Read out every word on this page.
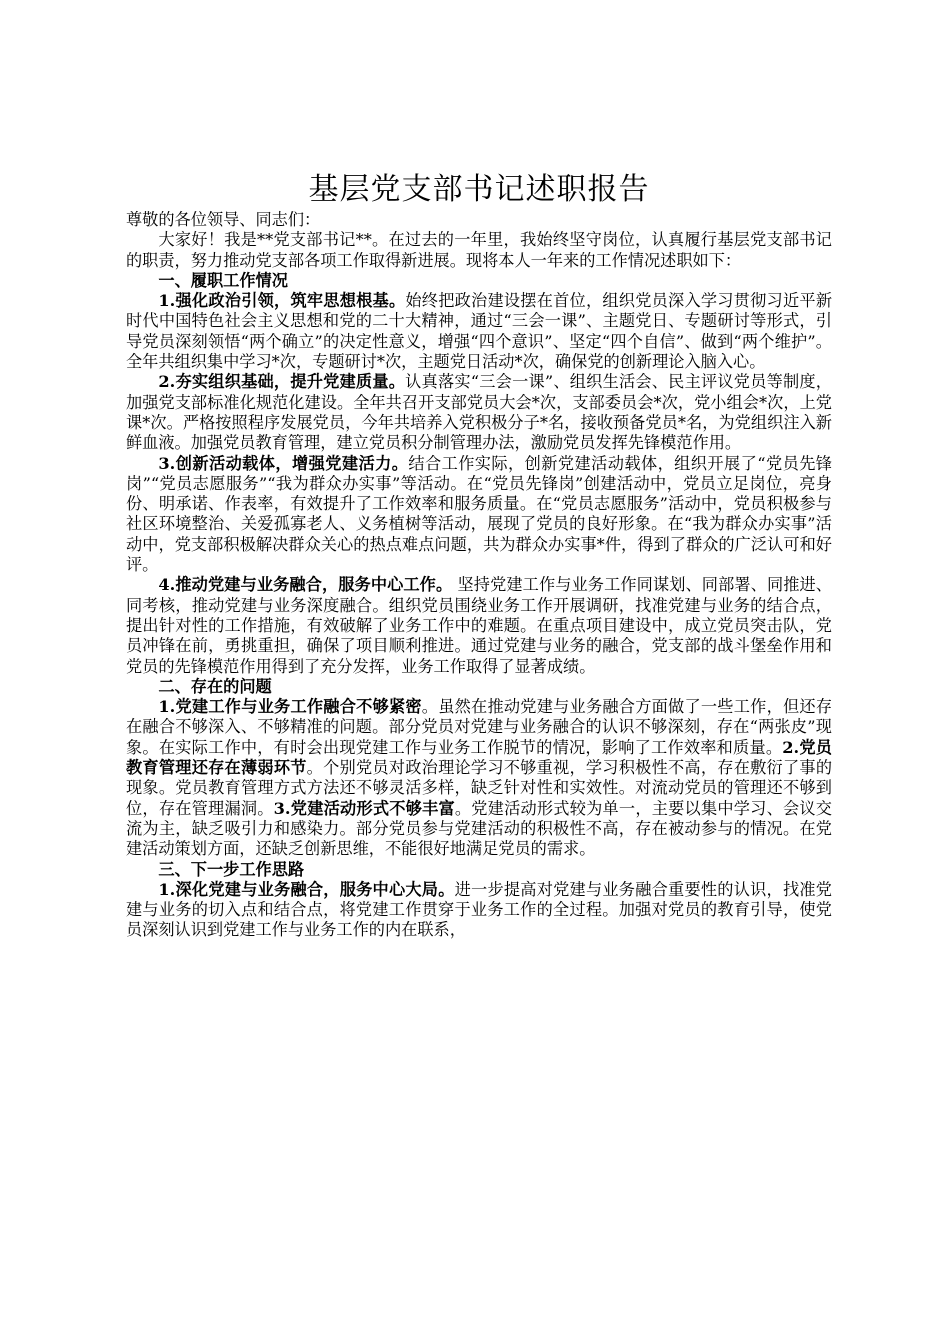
基层党支部书记述职报告

尊敬的各位领导、同志们：

大家好！我是**党支部书记**。在过去的一年里，我始终坚守岗位，认真履行基层党支部书记的职责，努力推动党支部各项工作取得新进展。现将本人一年来的工作情况述职如下：

一、履职工作情况

1.强化政治引领，筑牢思想根基。始终把政治建设摆在首位，组织党员深入学习贯彻习近平新时代中国特色社会主义思想和党的二十大精神，通过“三会一课”、主题党日、专题研讨等形式，引导党员深刻领悟“两个确立”的决定性意义，增强“四个意识”、坚定“四个自信”、做到“两个维护”。全年共组织集中学习*次，专题研讨*次，主题党日活动*次，确保党的创新理论入脑入心。

2.夯实组织基础，提升党建质量。认真落实“三会一课”、组织生活会、民主评议党员等制度，加强党支部标准化规范化建设。全年共召开支部党员大会*次，支部委员会*次，党小组会*次，上党课*次。严格按照程序发展党员，今年共培养入党积极分子*名，接收预备党员*名，为党组织注入新鲜血液。加强党员教育管理，建立党员积分制管理办法，激励党员发挥先锋模范作用。

3.创新活动载体，增强党建活力。结合工作实际，创新党建活动载体，组织开展了“党员先锋岗”“党员志愿服务”“我为群众办实事”等活动。在“党员先锋岗”创建活动中，党员立足岗位，亮身份、明承诺、作表率，有效提升了工作效率和服务质量。在“党员志愿服务”活动中，党员积极参与社区环境整治、关爱孤寡老人、义务植树等活动，展现了党员的良好形象。在“我为群众办实事”活动中，党支部积极解决群众关心的热点难点问题，共为群众办实事*件，得到了群众的广泛认可和好评。

4.推动党建与业务融合，服务中心工作。 坚持党建工作与业务工作同谋划、同部署、同推进、同考核，推动党建与业务深度融合。组织党员围绕业务工作开展调研，找准党建与业务的结合点，提出针对性的工作措施，有效破解了业务工作中的难题。在重点项目建设中，成立党员突击队，党员冲锋在前，勇挑重担，确保了项目顺利推进。通过党建与业务的融合，党支部的战斗堡垒作用和党员的先锋模范作用得到了充分发挥，业务工作取得了显著成绩。

二、存在的问题

1.党建工作与业务工作融合不够紧密。虽然在推动党建与业务融合方面做了一些工作，但还存在融合不够深入、不够精准的问题。部分党员对党建与业务融合的认识不够深刻，存在“两张皮”现象。在实际工作中，有时会出现党建工作与业务工作脱节的情况，影响了工作效率和质量。2.党员教育管理还存在薄弱环节。个别党员对政治理论学习不够重视，学习积极性不高，存在敷衍了事的现象。党员教育管理方式方法还不够灵活多样，缺乏针对性和实效性。对流动党员的管理还不够到位，存在管理漏洞。3.党建活动形式不够丰富。党建活动形式较为单一，主要以集中学习、会议交流为主，缺乏吸引力和感染力。部分党员参与党建活动的积极性不高，存在被动参与的情况。在党建活动策划方面，还缺乏创新思维，不能很好地满足党员的需求。

三、下一步工作思路

1.深化党建与业务融合，服务中心大局。进一步提高对党建与业务融合重要性的认识，找准党建与业务的切入点和结合点，将党建工作贯穿于业务工作的全过程。加强对党员的教育引导，使党员深刻认识到党建工作与业务工作的内在联系，
